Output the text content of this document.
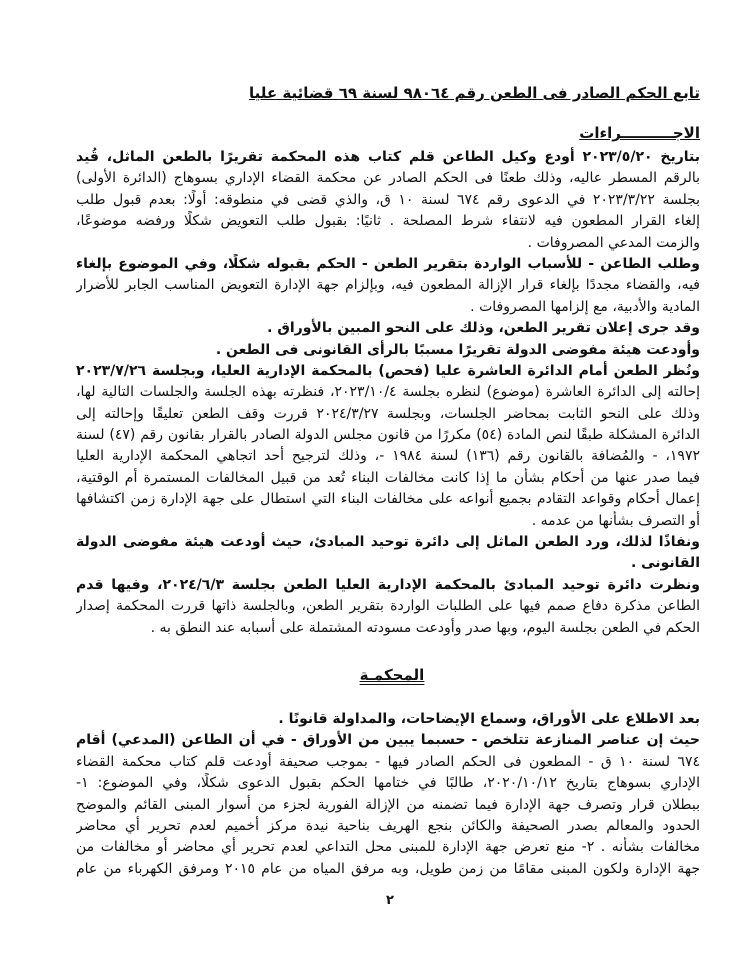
تابع الحكم الصادر فى الطعن رقم ٩٨٠٦٤ لسنة ٦٩ قضائية عليا
الاجــــــــــراءات
بتاريخ ٢٠٢٣/٥/٢٠ أودع وكيل الطاعن قلم كتاب هذه المحكمة تقريرًا بالطعن الماثل، قُيد
بالرقم المسطر عاليه، وذلك طعنًا فى الحكم الصادر عن محكمة القضاء الإداري بسوهاج (الدائرة الأولى)
بجلسة ٢٠٢٣/٣/٢٢ في الدعوى رقم ٦٧٤ لسنة ١٠ ق، والذي قضى في منطوقه: أولًا: بعدم قبول طلب
إلغاء القرار المطعون فيه لانتفاء شرط المصلحة . ثانيًا: بقبول طلب التعويض شكلًا ورفضه موضوعًا،
والزمت المدعي المصروفات .
وطلب الطاعن - للأسباب الواردة بتقرير الطعن - الحكم بقبوله شكلًا، وفي الموضوع بإلغاء
فيه، والقضاء مجددًا بإلغاء قرار الإزالة المطعون فيه، وبإلزام جهة الإدارة التعويض المناسب الجابر للأضرار
المادية والأدبية، مع إلزامها المصروفات .
وقد جرى إعلان تقرير الطعن، وذلك على النحو المبين بالأوراق .
وأودعت هيئة مفوضى الدولة تقريرًا مسببًا بالرأى القانونى فى الطعن .
ونُظر الطعن أمام الدائرة العاشرة عليا (فحص) بالمحكمة الإدارية العليا، وبجلسة ٢٠٢٣/٧/٢٦
إحالته إلى الدائرة العاشرة (موضوع) لنظره بجلسة ٢٠٢٣/١٠/٤، فنظرته بهذه الجلسة والجلسات التالية لها،
وذلك على النحو الثابت بمحاضر الجلسات، وبجلسة ٢٠٢٤/٣/٢٧ قررت وقف الطعن تعليقًا وإحالته إلى
الدائرة المشكلة طبقًا لنص المادة (٥٤) مكررًا من قانون مجلس الدولة الصادر بالقرار بقانون رقم (٤٧) لسنة
١٩٧٢، - والمُضافة بالقانون رقم (١٣٦) لسنة ١٩٨٤ -، وذلك لترجيح أحد اتجاهي المحكمة الإدارية العليا
فيما صدر عنها من أحكام بشأن ما إذا كانت مخالفات البناء تُعد من قبيل المخالفات المستمرة أم الوقتية،
إعمال أحكام وقواعد التقادم بجميع أنواعه على مخالفات البناء التي استطال على جهة الإدارة زمن اكتشافها
أو التصرف بشأنها من عدمه .
ونفاذًا لذلك، ورد الطعن الماثل إلى دائرة توحيد المبادئ، حيث أودعت هيئة مفوضى الدولة
القانونى .
ونظرت دائرة توحيد المبادئ بالمحكمة الإدارية العليا الطعن بجلسة ٢٠٢٤/٦/٣، وفيها قدم
الطاعن مذكرة دفاع صمم فيها على الطلبات الواردة بتقرير الطعن، وبالجلسة ذاتها قررت المحكمة إصدار
الحكم في الطعن بجلسة اليوم، وبها صدر وأودعت مسودته المشتملة على أسبابه عند النطق به .
المحكمـة
بعد الاطلاع على الأوراق، وسماع الإيضاحات، والمداولة قانونًا .
حيث إن عناصر المنازعة تتلخص - حسبما يبين من الأوراق - في أن الطاعن (المدعي) أقام
٦٧٤ لسنة ١٠ ق - المطعون فى الحكم الصادر فيها - بموجب صحيفة أودعت قلم كتاب محكمة القضاء
الإداري بسوهاج بتاريخ ٢٠٢٠/١٠/١٢، طالبًا في ختامها الحكم بقبول الدعوى شكلًا، وفي الموضوع: ١-
ببطلان قرار وتصرف جهة الإدارة فيما تضمنه من الإزالة الفورية لجزء من أسوار المبنى القائم والموضح
الحدود والمعالم بصدر الصحيفة والكائن بنجع الهريف بناحية نيدة مركز أخميم لعدم تحرير أي محاضر
مخالفات بشأنه . ٢- منع تعرض جهة الإدارة للمبنى محل التداعي لعدم تحرير أي محاضر أو مخالفات من
جهة الإدارة ولكون المبنى مقامًا من زمن طويل، وبه مرفق المياه من عام ٢٠١٥ ومرفق الكهرباء من عام
٢
